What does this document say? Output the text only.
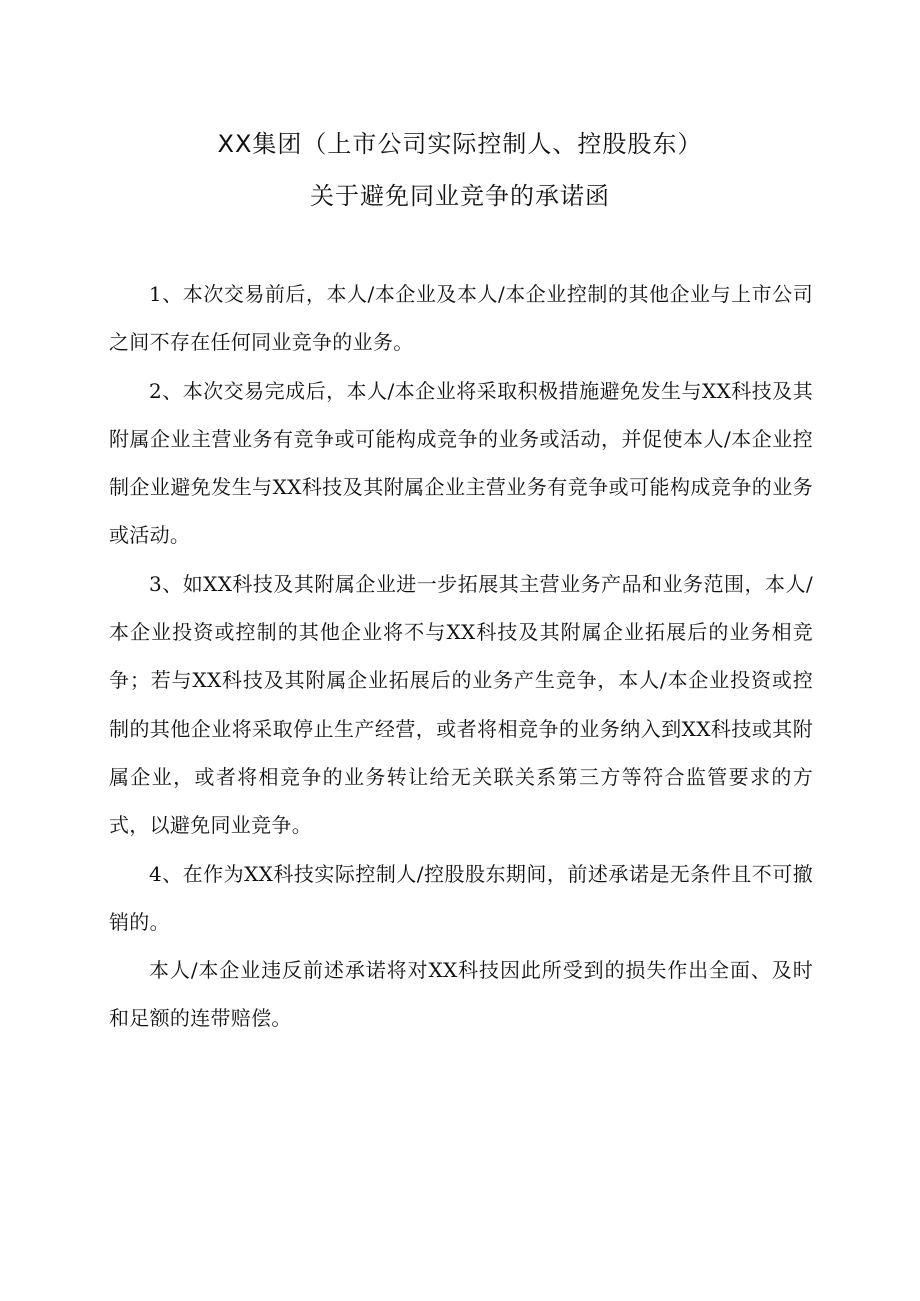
XX集团（上市公司实际控制人、控股股东）
关于避免同业竞争的承诺函

1、本次交易前后，本人/本企业及本人/本企业控制的其他企业与上市公司之间不存在任何同业竞争的业务。

2、本次交易完成后，本人/本企业将采取积极措施避免发生与XX科技及其附属企业主营业务有竞争或可能构成竞争的业务或活动，并促使本人/本企业控制企业避免发生与XX科技及其附属企业主营业务有竞争或可能构成竞争的业务或活动。

3、如XX科技及其附属企业进一步拓展其主营业务产品和业务范围，本人/本企业投资或控制的其他企业将不与XX科技及其附属企业拓展后的业务相竞争；若与XX科技及其附属企业拓展后的业务产生竞争，本人/本企业投资或控制的其他企业将采取停止生产经营，或者将相竞争的业务纳入到XX科技或其附属企业，或者将相竞争的业务转让给无关联关系第三方等符合监管要求的方式，以避免同业竞争。

4、在作为XX科技实际控制人/控股股东期间，前述承诺是无条件且不可撤销的。

本人/本企业违反前述承诺将对XX科技因此所受到的损失作出全面、及时和足额的连带赔偿。
